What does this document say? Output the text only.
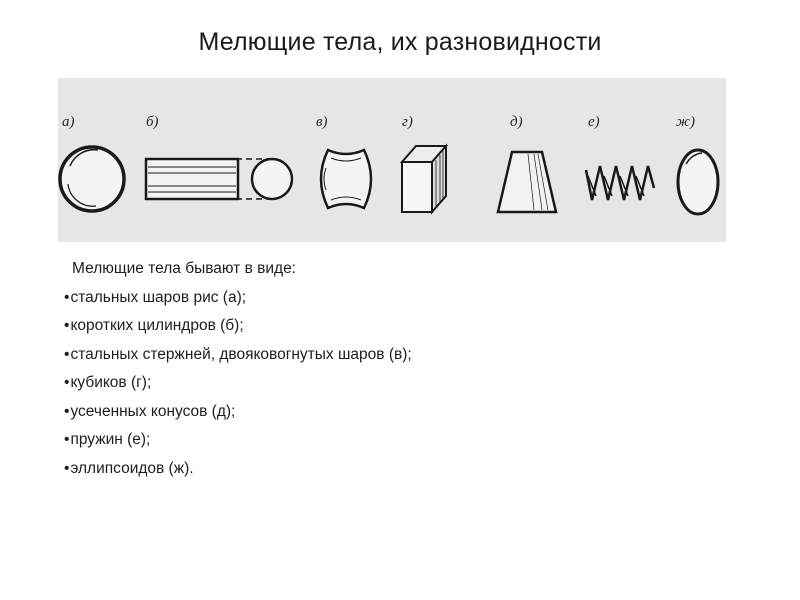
Мелющие тела, их разновидности
а)	б)	в)	г)	д)	е)	ж)
Мелющие тела бывают в виде:
• стальных шаров рис (а);
• коротких цилиндров (б);
• стальных стержней, двояковогнутых шаров (в);
• кубиков (г);
• усеченных конусов (д);
• пружин (е);
• эллипсоидов (ж).
